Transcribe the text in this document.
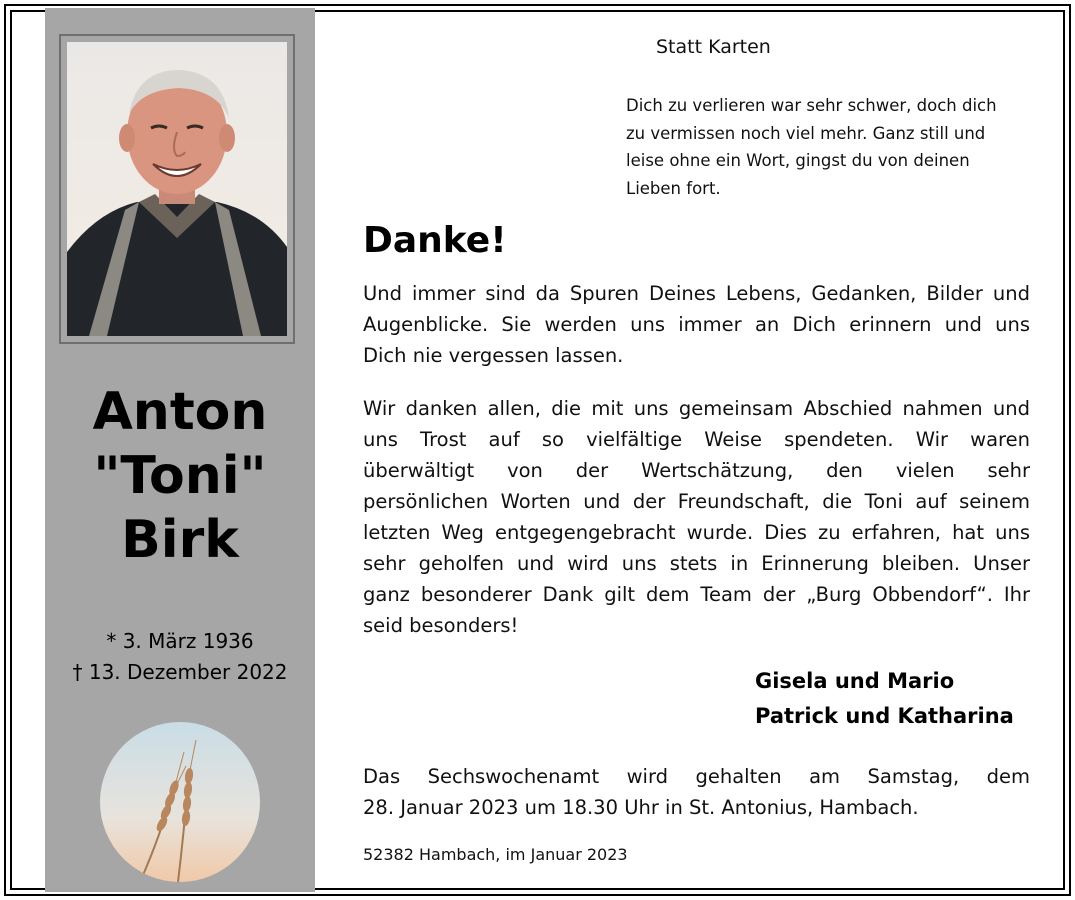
Anton
"Toni"
Birk
* 3. März 1936
† 13. Dezember 2022
Statt Karten
Dich zu verlieren war sehr schwer, doch dich
zu vermissen noch viel mehr. Ganz still und
leise ohne ein Wort, gingst du von deinen
Lieben fort.
Danke!
Und immer sind da Spuren Deines Lebens, Gedanken, Bilder und
Augenblicke. Sie werden uns immer an Dich erinnern und uns
Dich nie vergessen lassen.
Wir danken allen, die mit uns gemeinsam Abschied nahmen und
uns Trost auf so vielfältige Weise spendeten. Wir waren
überwältigt von der Wertschätzung, den vielen sehr
persönlichen Worten und der Freundschaft, die Toni auf seinem
letzten Weg entgegengebracht wurde. Dies zu erfahren, hat uns
sehr geholfen und wird uns stets in Erinnerung bleiben. Unser
ganz besonderer Dank gilt dem Team der „Burg Obbendorf“. Ihr
seid besonders!
Gisela und Mario
Patrick und Katharina
Das Sechswochenamt wird gehalten am Samstag, dem
28. Januar 2023 um 18.30 Uhr in St. Antonius, Hambach.
52382 Hambach, im Januar 2023
